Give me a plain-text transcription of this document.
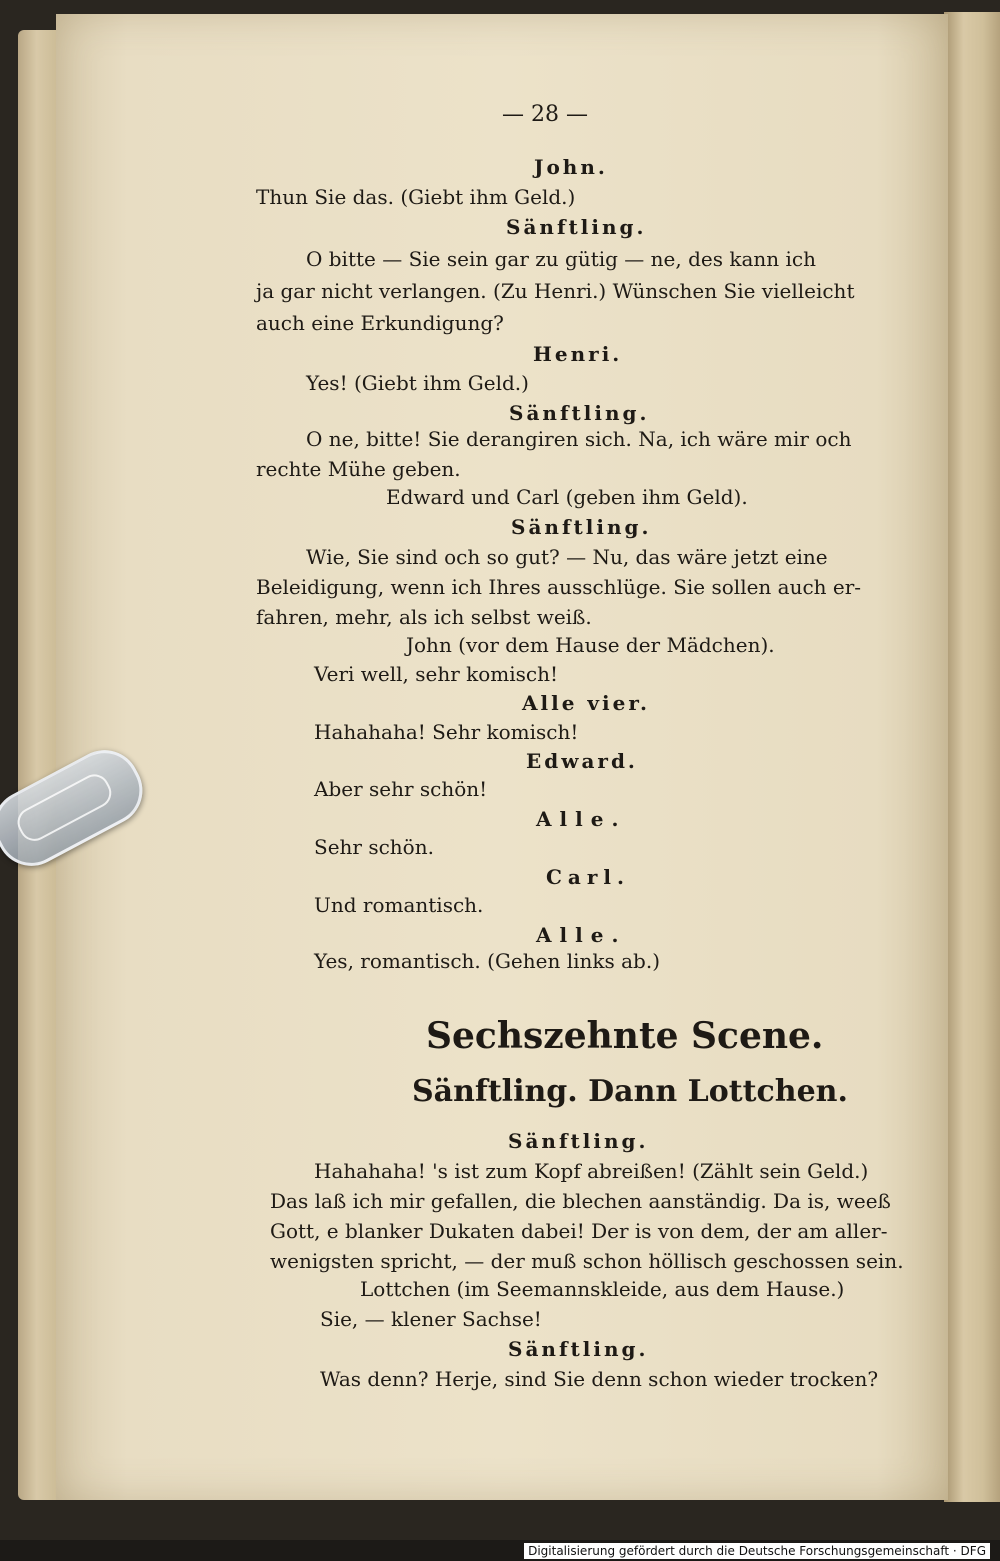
— 28 —
John.
Thun Sie das. (Giebt ihm Geld.)
Sänftling.
O bitte — Sie sein gar zu gütig — ne, des kann ich
ja gar nicht verlangen. (Zu Henri.) Wünschen Sie vielleicht
auch eine Erkundigung?
Henri.
Yes! (Giebt ihm Geld.)
Sänftling.
O ne, bitte! Sie derangiren sich. Na, ich wäre mir och
rechte Mühe geben.
Edward und Carl (geben ihm Geld).
Sänftling.
Wie, Sie sind och so gut? — Nu, das wäre jetzt eine
Beleidigung, wenn ich Ihres ausschlüge. Sie sollen auch er-
fahren, mehr, als ich selbst weiß.
John (vor dem Hause der Mädchen).
Veri well, sehr komisch!
Alle vier.
Hahahaha! Sehr komisch!
Edward.
Aber sehr schön!
Alle.
Sehr schön.
Carl.
Und romantisch.
Alle.
Yes, romantisch. (Gehen links ab.)
Sechszehnte Scene.
Sänftling. Dann Lottchen.
Sänftling.
Hahahaha! 's ist zum Kopf abreißen! (Zählt sein Geld.)
Das laß ich mir gefallen, die blechen aanständig. Da is, weeß
Gott, e blanker Dukaten dabei! Der is von dem, der am aller-
wenigsten spricht, — der muß schon höllisch geschossen sein.
Lottchen (im Seemannskleide, aus dem Hause.)
Sie, — klener Sachse!
Sänftling.
Was denn? Herje, sind Sie denn schon wieder trocken?
Digitalisierung gefördert durch die Deutsche Forschungsgemeinschaft · DFG
